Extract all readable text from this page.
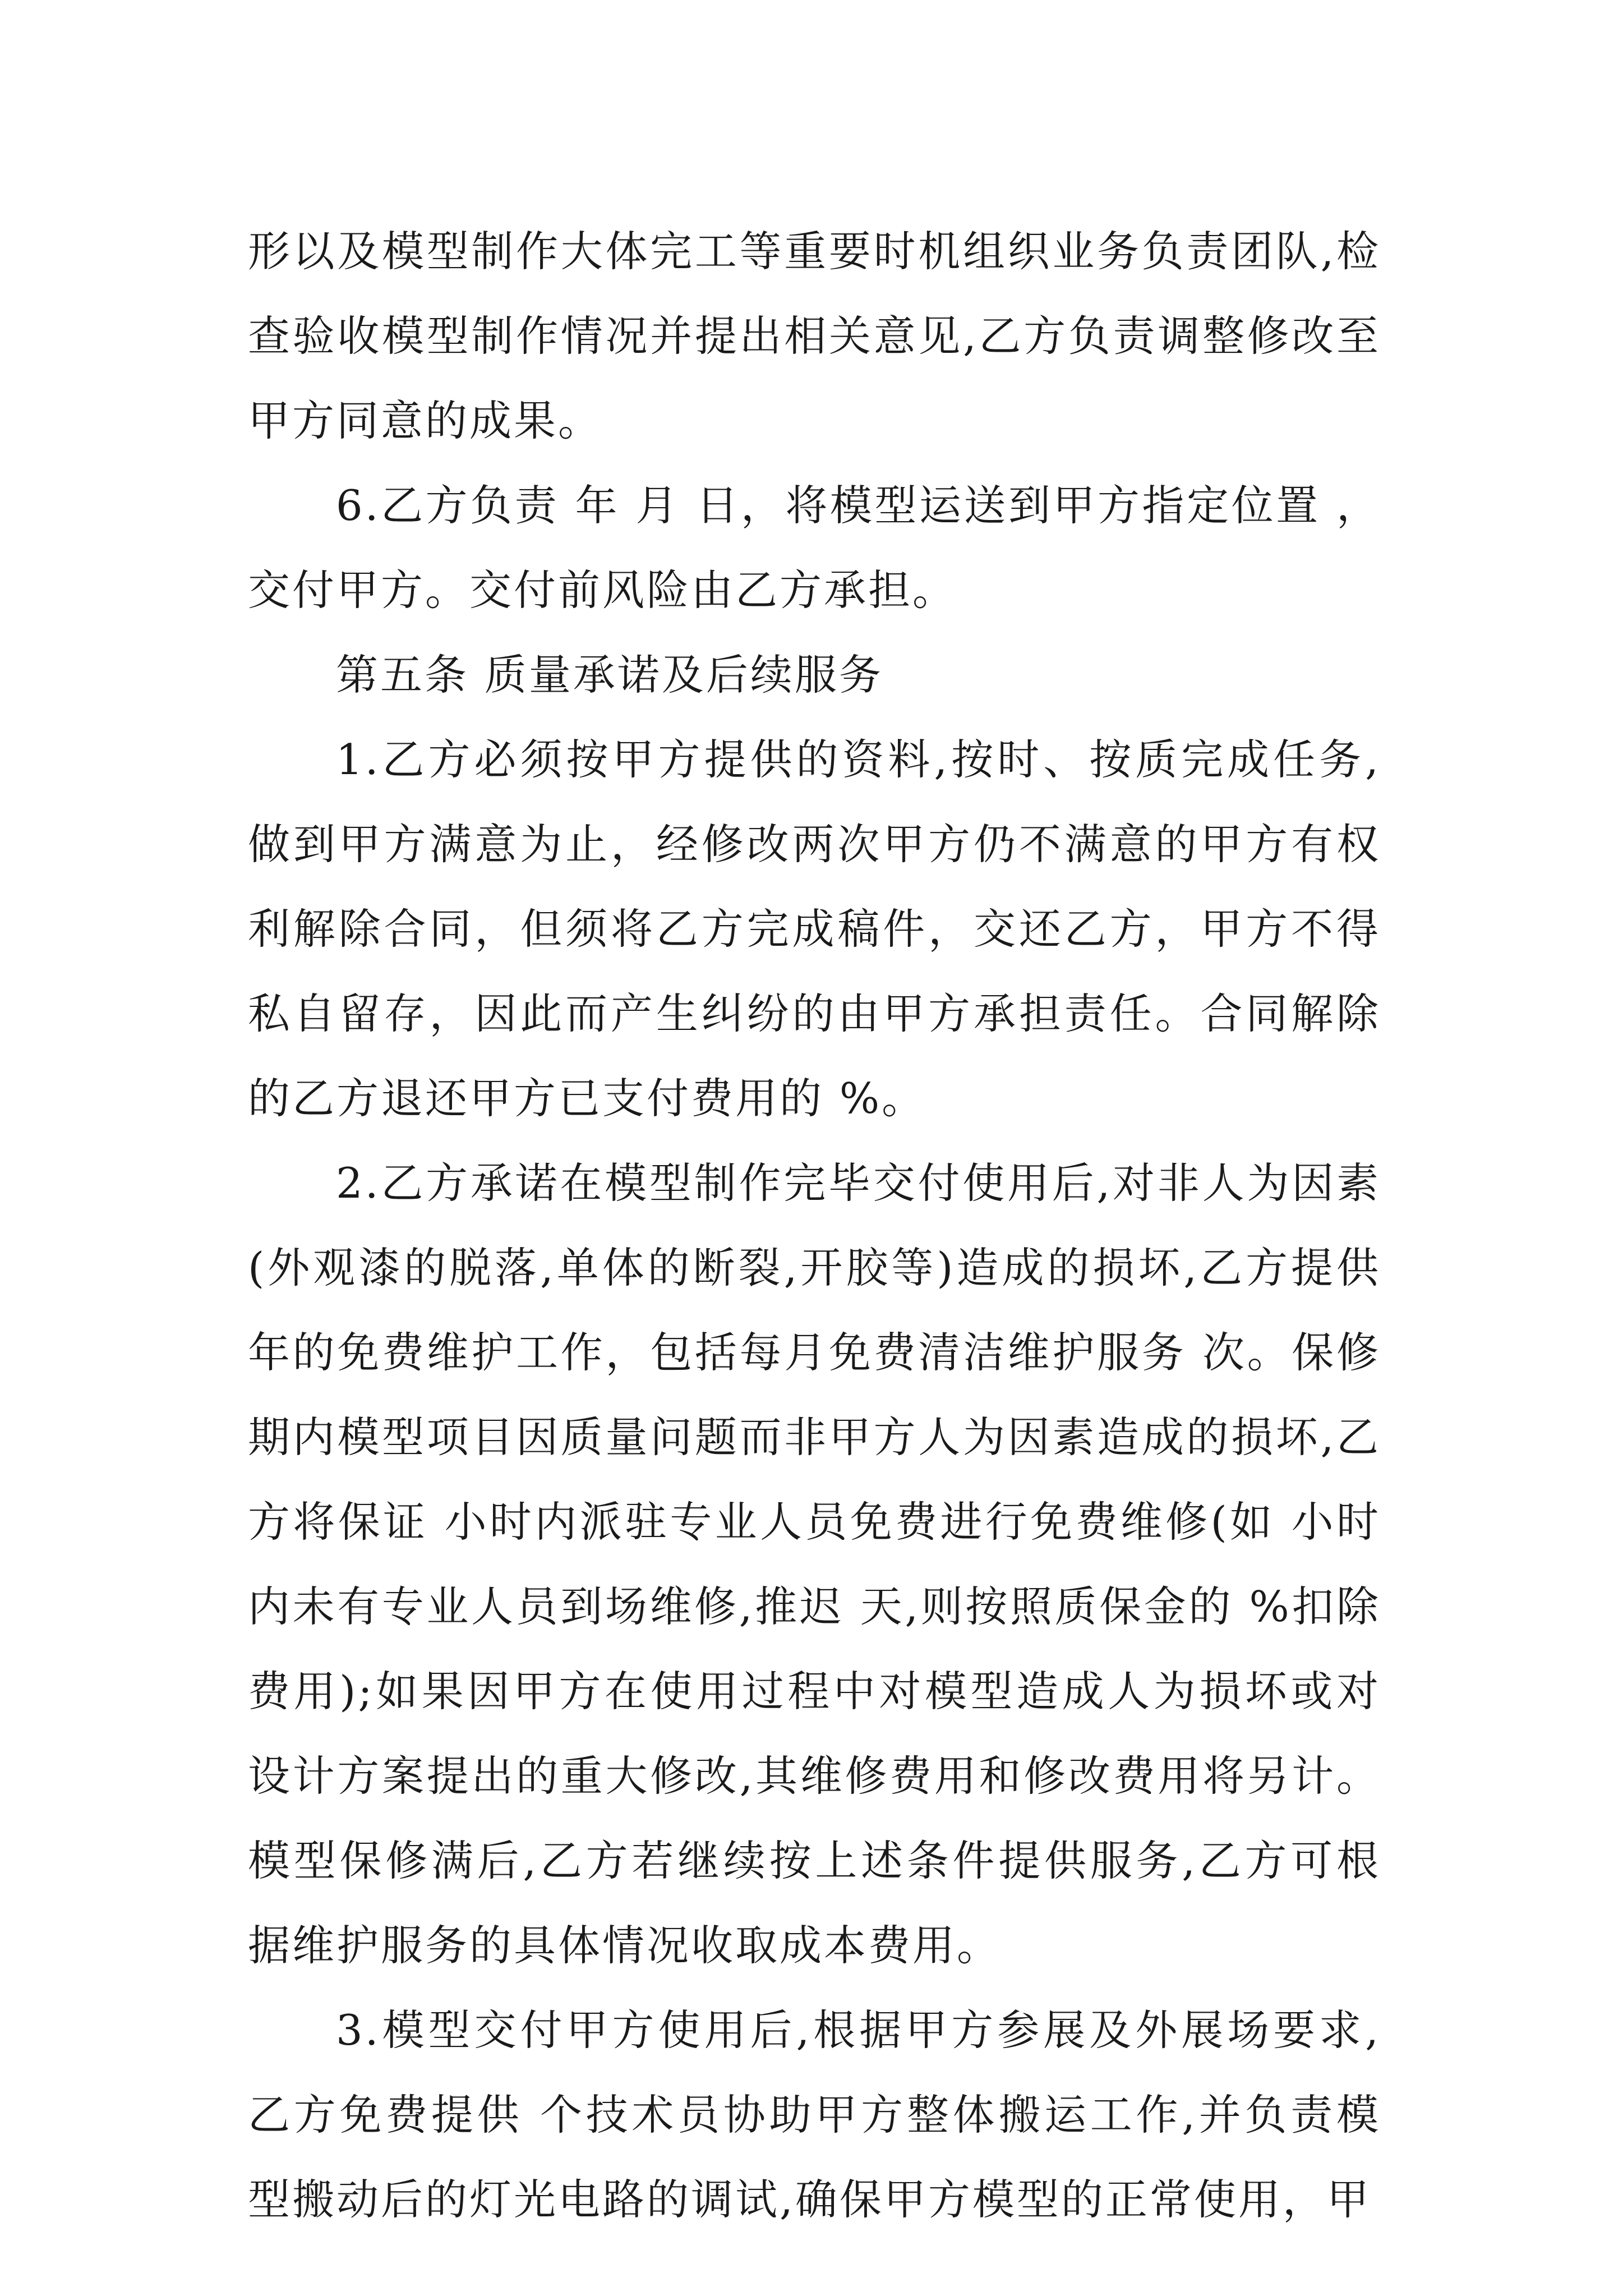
形以及模型制作大体完工等重要时机组织业务负责团队,检查验收模型制作情况并提出相关意见,乙方负责调整修改至甲方同意的成果。

6.乙方负责 年 月 日，将模型运送到甲方指定位置 ，交付甲方。交付前风险由乙方承担。

第五条 质量承诺及后续服务

1.乙方必须按甲方提供的资料,按时、按质完成任务,做到甲方满意为止，经修改两次甲方仍不满意的甲方有权利解除合同，但须将乙方完成稿件，交还乙方，甲方不得私自留存，因此而产生纠纷的由甲方承担责任。合同解除的乙方退还甲方已支付费用的 %。

2.乙方承诺在模型制作完毕交付使用后,对非人为因素(外观漆的脱落,单体的断裂,开胶等)造成的损坏,乙方提供 年的免费维护工作，包括每月免费清洁维护服务 次。保修期内模型项目因质量问题而非甲方人为因素造成的损坏,乙方将保证 小时内派驻专业人员免费进行免费维修(如 小时内未有专业人员到场维修,推迟 天,则按照质保金的 %扣除费用);如果因甲方在使用过程中对模型造成人为损坏或对设计方案提出的重大修改,其维修费用和修改费用将另计。模型保修满后,乙方若继续按上述条件提供服务,乙方可根据维护服务的具体情况收取成本费用。

3.模型交付甲方使用后,根据甲方参展及外展场要求,乙方免费提供 个技术员协助甲方整体搬运工作,并负责模型搬动后的灯光电路的调试,确保甲方模型的正常使用，甲
